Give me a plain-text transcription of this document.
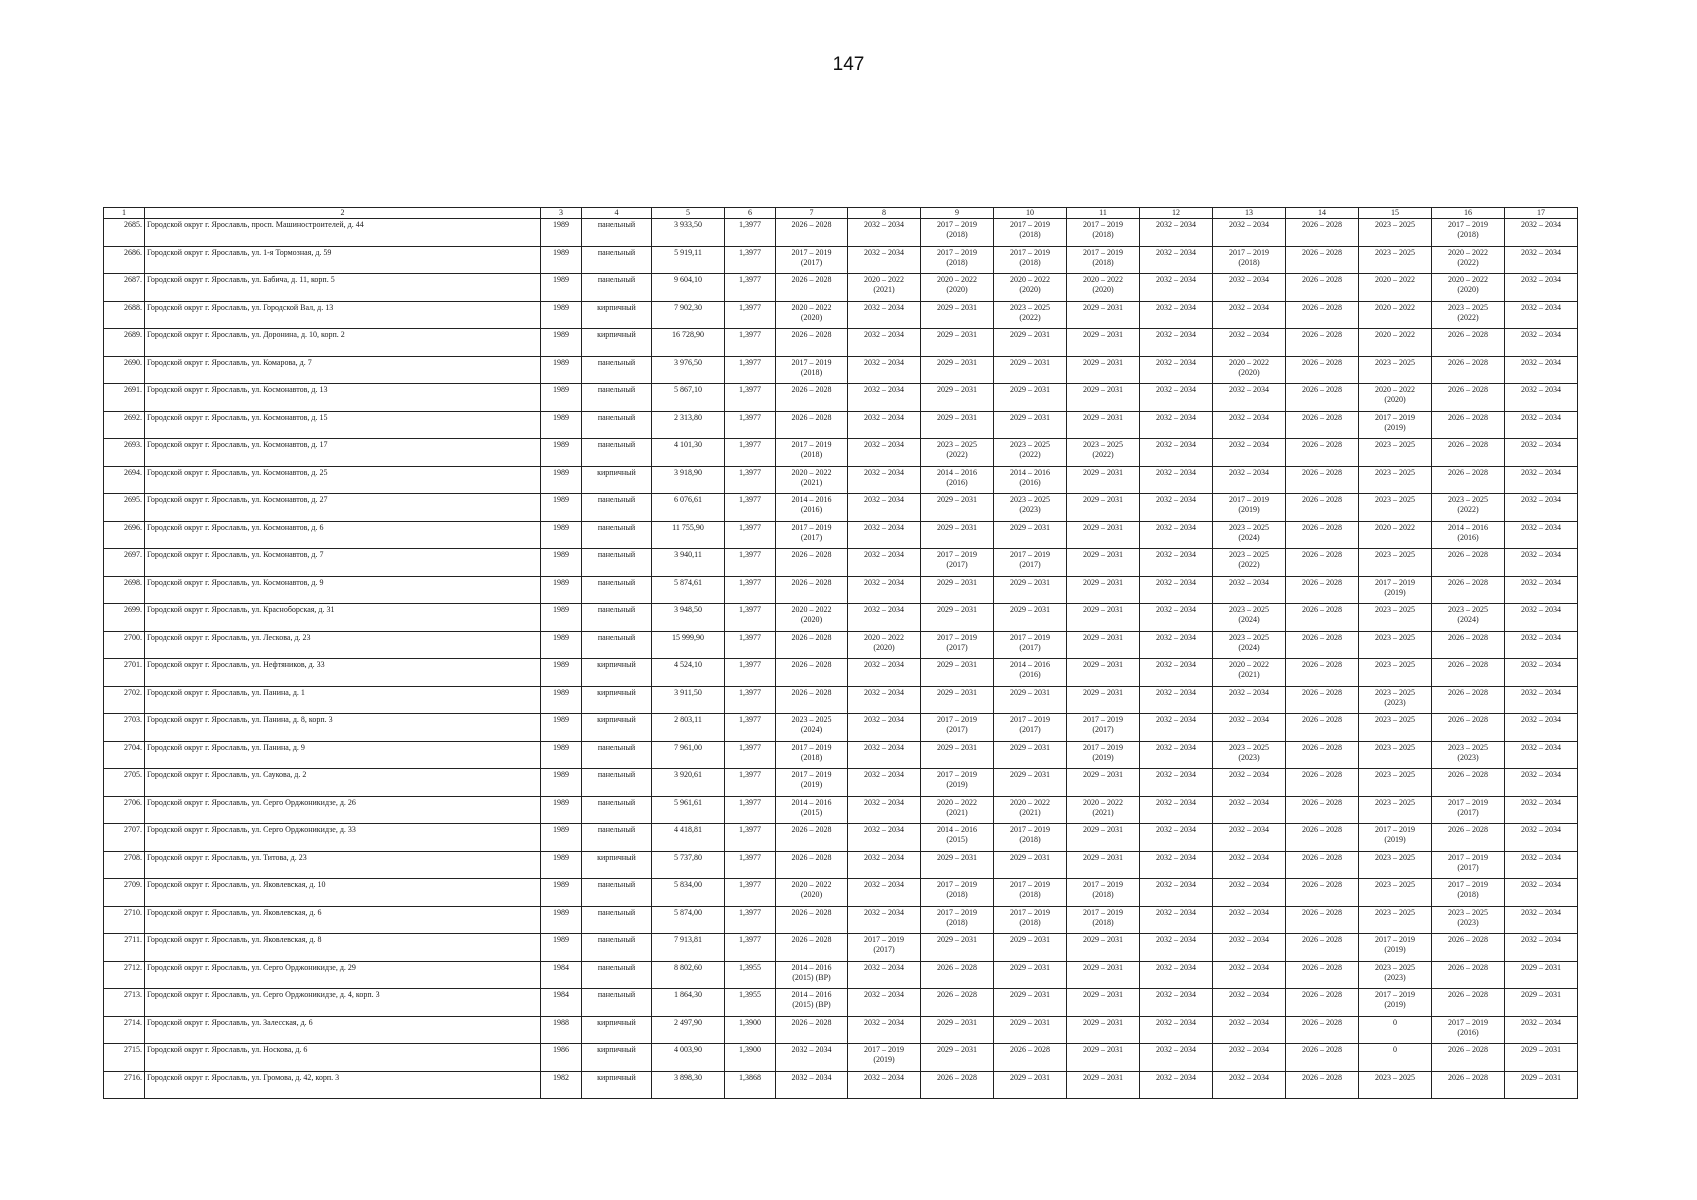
147
1	2	3	4	5	6	7	8	9	10	11	12	13	14	15	16	17
2685.	Городской округ г. Ярославль, просп. Машиностроителей, д. 44	1989	панельный	3 933,50	1,3977	2026 – 2028	2032 – 2034	2017 – 2019
(2018)	2017 – 2019
(2018)	2017 – 2019
(2018)	2032 – 2034	2032 – 2034	2026 – 2028	2023 – 2025	2017 – 2019
(2018)	2032 – 2034
2686.	Городской округ г. Ярославль, ул. 1-я Тормозная, д. 59	1989	панельный	5 919,11	1,3977	2017 – 2019
(2017)	2032 – 2034	2017 – 2019
(2018)	2017 – 2019
(2018)	2017 – 2019
(2018)	2032 – 2034	2017 – 2019
(2018)	2026 – 2028	2023 – 2025	2020 – 2022
(2022)	2032 – 2034
2687.	Городской округ г. Ярославль, ул. Бабича, д. 11, корп. 5	1989	панельный	9 604,10	1,3977	2026 – 2028	2020 – 2022
(2021)	2020 – 2022
(2020)	2020 – 2022
(2020)	2020 – 2022
(2020)	2032 – 2034	2032 – 2034	2026 – 2028	2020 – 2022	2020 – 2022
(2020)	2032 – 2034
2688.	Городской округ г. Ярославль, ул. Городской Вал, д. 13	1989	кирпичный	7 902,30	1,3977	2020 – 2022
(2020)	2032 – 2034	2029 – 2031	2023 – 2025
(2022)	2029 – 2031	2032 – 2034	2032 – 2034	2026 – 2028	2020 – 2022	2023 – 2025
(2022)	2032 – 2034
2689.	Городской округ г. Ярославль, ул. Доронина, д. 10, корп. 2	1989	кирпичный	16 728,90	1,3977	2026 – 2028	2032 – 2034	2029 – 2031	2029 – 2031	2029 – 2031	2032 – 2034	2032 – 2034	2026 – 2028	2020 – 2022	2026 – 2028	2032 – 2034
2690.	Городской округ г. Ярославль, ул. Комарова, д. 7	1989	панельный	3 976,50	1,3977	2017 – 2019
(2018)	2032 – 2034	2029 – 2031	2029 – 2031	2029 – 2031	2032 – 2034	2020 – 2022
(2020)	2026 – 2028	2023 – 2025	2026 – 2028	2032 – 2034
2691.	Городской округ г. Ярославль, ул. Космонавтов, д. 13	1989	панельный	5 867,10	1,3977	2026 – 2028	2032 – 2034	2029 – 2031	2029 – 2031	2029 – 2031	2032 – 2034	2032 – 2034	2026 – 2028	2020 – 2022
(2020)	2026 – 2028	2032 – 2034
2692.	Городской округ г. Ярославль, ул. Космонавтов, д. 15	1989	панельный	2 313,80	1,3977	2026 – 2028	2032 – 2034	2029 – 2031	2029 – 2031	2029 – 2031	2032 – 2034	2032 – 2034	2026 – 2028	2017 – 2019
(2019)	2026 – 2028	2032 – 2034
2693.	Городской округ г. Ярославль, ул. Космонавтов, д. 17	1989	панельный	4 101,30	1,3977	2017 – 2019
(2018)	2032 – 2034	2023 – 2025
(2022)	2023 – 2025
(2022)	2023 – 2025
(2022)	2032 – 2034	2032 – 2034	2026 – 2028	2023 – 2025	2026 – 2028	2032 – 2034
2694.	Городской округ г. Ярославль, ул. Космонавтов, д. 25	1989	кирпичный	3 918,90	1,3977	2020 – 2022
(2021)	2032 – 2034	2014 – 2016
(2016)	2014 – 2016
(2016)	2029 – 2031	2032 – 2034	2032 – 2034	2026 – 2028	2023 – 2025	2026 – 2028	2032 – 2034
2695.	Городской округ г. Ярославль, ул. Космонавтов, д. 27	1989	панельный	6 076,61	1,3977	2014 – 2016
(2016)	2032 – 2034	2029 – 2031	2023 – 2025
(2023)	2029 – 2031	2032 – 2034	2017 – 2019
(2019)	2026 – 2028	2023 – 2025	2023 – 2025
(2022)	2032 – 2034
2696.	Городской округ г. Ярославль, ул. Космонавтов, д. 6	1989	панельный	11 755,90	1,3977	2017 – 2019
(2017)	2032 – 2034	2029 – 2031	2029 – 2031	2029 – 2031	2032 – 2034	2023 – 2025
(2024)	2026 – 2028	2020 – 2022	2014 – 2016
(2016)	2032 – 2034
2697.	Городской округ г. Ярославль, ул. Космонавтов, д. 7	1989	панельный	3 940,11	1,3977	2026 – 2028	2032 – 2034	2017 – 2019
(2017)	2017 – 2019
(2017)	2029 – 2031	2032 – 2034	2023 – 2025
(2022)	2026 – 2028	2023 – 2025	2026 – 2028	2032 – 2034
2698.	Городской округ г. Ярославль, ул. Космонавтов, д. 9	1989	панельный	5 874,61	1,3977	2026 – 2028	2032 – 2034	2029 – 2031	2029 – 2031	2029 – 2031	2032 – 2034	2032 – 2034	2026 – 2028	2017 – 2019
(2019)	2026 – 2028	2032 – 2034
2699.	Городской округ г. Ярославль, ул. Красноборская, д. 31	1989	панельный	3 948,50	1,3977	2020 – 2022
(2020)	2032 – 2034	2029 – 2031	2029 – 2031	2029 – 2031	2032 – 2034	2023 – 2025
(2024)	2026 – 2028	2023 – 2025	2023 – 2025
(2024)	2032 – 2034
2700.	Городской округ г. Ярославль, ул. Лескова, д. 23	1989	панельный	15 999,90	1,3977	2026 – 2028	2020 – 2022
(2020)	2017 – 2019
(2017)	2017 – 2019
(2017)	2029 – 2031	2032 – 2034	2023 – 2025
(2024)	2026 – 2028	2023 – 2025	2026 – 2028	2032 – 2034
2701.	Городской округ г. Ярославль, ул. Нефтяников, д. 33	1989	кирпичный	4 524,10	1,3977	2026 – 2028	2032 – 2034	2029 – 2031	2014 – 2016
(2016)	2029 – 2031	2032 – 2034	2020 – 2022
(2021)	2026 – 2028	2023 – 2025	2026 – 2028	2032 – 2034
2702.	Городской округ г. Ярославль, ул. Панина, д. 1	1989	кирпичный	3 911,50	1,3977	2026 – 2028	2032 – 2034	2029 – 2031	2029 – 2031	2029 – 2031	2032 – 2034	2032 – 2034	2026 – 2028	2023 – 2025
(2023)	2026 – 2028	2032 – 2034
2703.	Городской округ г. Ярославль, ул. Панина, д. 8, корп. 3	1989	кирпичный	2 803,11	1,3977	2023 – 2025
(2024)	2032 – 2034	2017 – 2019
(2017)	2017 – 2019
(2017)	2017 – 2019
(2017)	2032 – 2034	2032 – 2034	2026 – 2028	2023 – 2025	2026 – 2028	2032 – 2034
2704.	Городской округ г. Ярославль, ул. Панина, д. 9	1989	панельный	7 961,00	1,3977	2017 – 2019
(2018)	2032 – 2034	2029 – 2031	2029 – 2031	2017 – 2019
(2019)	2032 – 2034	2023 – 2025
(2023)	2026 – 2028	2023 – 2025	2023 – 2025
(2023)	2032 – 2034
2705.	Городской округ г. Ярославль, ул. Саукова, д. 2	1989	панельный	3 920,61	1,3977	2017 – 2019
(2019)	2032 – 2034	2017 – 2019
(2019)	2029 – 2031	2029 – 2031	2032 – 2034	2032 – 2034	2026 – 2028	2023 – 2025	2026 – 2028	2032 – 2034
2706.	Городской округ г. Ярославль, ул. Серго Орджоникидзе, д. 26	1989	панельный	5 961,61	1,3977	2014 – 2016
(2015)	2032 – 2034	2020 – 2022
(2021)	2020 – 2022
(2021)	2020 – 2022
(2021)	2032 – 2034	2032 – 2034	2026 – 2028	2023 – 2025	2017 – 2019
(2017)	2032 – 2034
2707.	Городской округ г. Ярославль, ул. Серго Орджоникидзе, д. 33	1989	панельный	4 418,81	1,3977	2026 – 2028	2032 – 2034	2014 – 2016
(2015)	2017 – 2019
(2018)	2029 – 2031	2032 – 2034	2032 – 2034	2026 – 2028	2017 – 2019
(2019)	2026 – 2028	2032 – 2034
2708.	Городской округ г. Ярославль, ул. Титова, д. 23	1989	кирпичный	5 737,80	1,3977	2026 – 2028	2032 – 2034	2029 – 2031	2029 – 2031	2029 – 2031	2032 – 2034	2032 – 2034	2026 – 2028	2023 – 2025	2017 – 2019
(2017)	2032 – 2034
2709.	Городской округ г. Ярославль, ул. Яковлевская, д. 10	1989	панельный	5 834,00	1,3977	2020 – 2022
(2020)	2032 – 2034	2017 – 2019
(2018)	2017 – 2019
(2018)	2017 – 2019
(2018)	2032 – 2034	2032 – 2034	2026 – 2028	2023 – 2025	2017 – 2019
(2018)	2032 – 2034
2710.	Городской округ г. Ярославль, ул. Яковлевская, д. 6	1989	панельный	5 874,00	1,3977	2026 – 2028	2032 – 2034	2017 – 2019
(2018)	2017 – 2019
(2018)	2017 – 2019
(2018)	2032 – 2034	2032 – 2034	2026 – 2028	2023 – 2025	2023 – 2025
(2023)	2032 – 2034
2711.	Городской округ г. Ярославль, ул. Яковлевская, д. 8	1989	панельный	7 913,81	1,3977	2026 – 2028	2017 – 2019
(2017)	2029 – 2031	2029 – 2031	2029 – 2031	2032 – 2034	2032 – 2034	2026 – 2028	2017 – 2019
(2019)	2026 – 2028	2032 – 2034
2712.	Городской округ г. Ярославль, ул. Серго Орджоникидзе, д. 29	1984	панельный	8 802,60	1,3955	2014 – 2016
(2015) (ВР)	2032 – 2034	2026 – 2028	2029 – 2031	2029 – 2031	2032 – 2034	2032 – 2034	2026 – 2028	2023 – 2025
(2023)	2026 – 2028	2029 – 2031
2713.	Городской округ г. Ярославль, ул. Серго Орджоникидзе, д. 4, корп. 3	1984	панельный	1 864,30	1,3955	2014 – 2016
(2015) (ВР)	2032 – 2034	2026 – 2028	2029 – 2031	2029 – 2031	2032 – 2034	2032 – 2034	2026 – 2028	2017 – 2019
(2019)	2026 – 2028	2029 – 2031
2714.	Городской округ г. Ярославль, ул. Залесская, д. 6	1988	кирпичный	2 497,90	1,3900	2026 – 2028	2032 – 2034	2029 – 2031	2029 – 2031	2029 – 2031	2032 – 2034	2032 – 2034	2026 – 2028	0	2017 – 2019
(2016)	2032 – 2034
2715.	Городской округ г. Ярославль, ул. Носкова, д. 6	1986	кирпичный	4 003,90	1,3900	2032 – 2034	2017 – 2019
(2019)	2029 – 2031	2026 – 2028	2029 – 2031	2032 – 2034	2032 – 2034	2026 – 2028	0	2026 – 2028	2029 – 2031
2716.	Городской округ г. Ярославль, ул. Громова, д. 42, корп. 3	1982	кирпичный	3 898,30	1,3868	2032 – 2034	2032 – 2034	2026 – 2028	2029 – 2031	2029 – 2031	2032 – 2034	2032 – 2034	2026 – 2028	2023 – 2025	2026 – 2028	2029 – 2031
